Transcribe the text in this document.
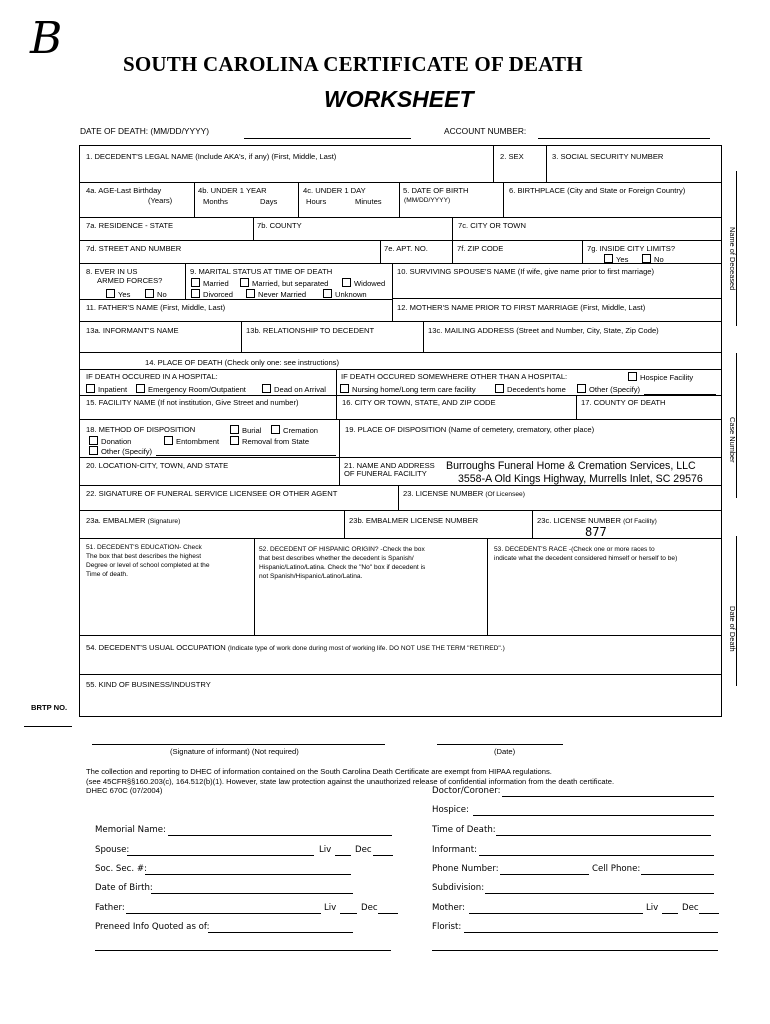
B	SOUTH CAROLINA CERTIFICATE OF DEATH
WORKSHEET
DATE OF DEATH: (MM/DD/YYYY)	ACCOUNT NUMBER:
1. DECEDENT'S LEGAL NAME (Include AKA's, if any) (First, Middle, Last)	2. SEX	3. SOCIAL SECURITY NUMBER
4a. AGE-Last Birthday
(Years)
4b. UNDER 1 YEAR
Months	Days
4c. UNDER 1 DAY
Hours	Minutes
5. DATE OF BIRTH
(MM/DD/YYYY)
6. BIRTHPLACE (City and State or Foreign Country)
7a. RESIDENCE - STATE	7b. COUNTY	7c. CITY OR TOWN
7d. STREET AND NUMBER	7e. APT. NO.	7f. ZIP CODE	7g. INSIDE CITY LIMITS?
Yes	No
8. EVER IN US
ARMED FORCES?
Yes	No
9. MARITAL STATUS AT TIME OF DEATH
Married	Married, but separated	Widowed
Divorced	Never Married	Unknown
10. SURVIVING SPOUSE'S NAME (If wife, give name prior to first marriage)
11. FATHER'S NAME (First, Middle, Last)	12. MOTHER'S NAME PRIOR TO FIRST MARRIAGE (First, Middle, Last)
13a. INFORMANT'S NAME	13b. RELATIONSHIP TO DECEDENT	13c. MAILING ADDRESS (Street and Number, City, State, Zip Code)
14. PLACE OF DEATH (Check only one: see instructions)
IF DEATH OCCURED IN A HOSPITAL:
Inpatient	Emergency Room/Outpatient	Dead on Arrival
IF DEATH OCCURED SOMEWHERE OTHER THAN A HOSPITAL:	Hospice Facility
Nursing home/Long term care facility	Decedent's home	Other (Specify)
15. FACILITY NAME (If not institution, Give Street and number)	16. CITY OR TOWN, STATE, AND ZIP CODE	17. COUNTY OF DEATH
18. METHOD OF DISPOSITION	Burial	Cremation
Donation	Entombment	Removal from State
Other (Specify)
19. PLACE OF DISPOSITION (Name of cemetery, crematory, other place)
20. LOCATION-CITY, TOWN, AND STATE	21. NAME AND ADDRESS
OF FUNERAL FACILITY
Burroughs Funeral Home & Cremation Services, LLC
3558-A Old Kings Highway, Murrells Inlet, SC 29576
22. SIGNATURE OF FUNERAL SERVICE LICENSEE OR OTHER AGENT	23. LICENSE NUMBER (Of Licensee)
23a. EMBALMER (Signature)	23b. EMBALMER LICENSE NUMBER	23c. LICENSE NUMBER (Of Facility)
877
51. DECEDENT'S EDUCATION- Check
The box that best describes the highest
Degree or level of school completed at the
Time of death.
52. DECEDENT OF HISPANIC ORIGIN? -Check the box
that best describes whether the decedent is Spanish/
Hispanic/Latino/Latina. Check the "No" box if decedent is
not Spanish/Hispanic/Latino/Latina.
53. DECEDENT'S RACE -(Check one or more races to
indicate what the decedent considered himself or herself to be)
54. DECEDENT'S USUAL OCCUPATION (Indicate type of work done during most of working life. DO NOT USE THE TERM "RETIRED".)
55. KIND OF BUSINESS/INDUSTRY
Name of Deceased
Case Number
Date of Death
BRTP NO.
(Signature of informant) (Not required)	(Date)
The collection and reporting to DHEC of information contained on the South Carolina Death Certificate are exempt from HIPAA regulations.
(see 45CFR§§160.203(c), 164.512(b)(1). However, state law protection against the unauthorized release of confidential information from the death certificate.
DHEC 670C (07/2004)	Doctor/Coroner:
Hospice:
Time of Death:
Informant:
Phone Number:	Cell Phone:
Subdivision:
Mother:	Liv	Dec
Florist:
Memorial Name:
Spouse:	Liv	Dec
Soc. Sec. #:
Date of Birth:
Father:	Liv	Dec
Preneed Info Quoted as of:
